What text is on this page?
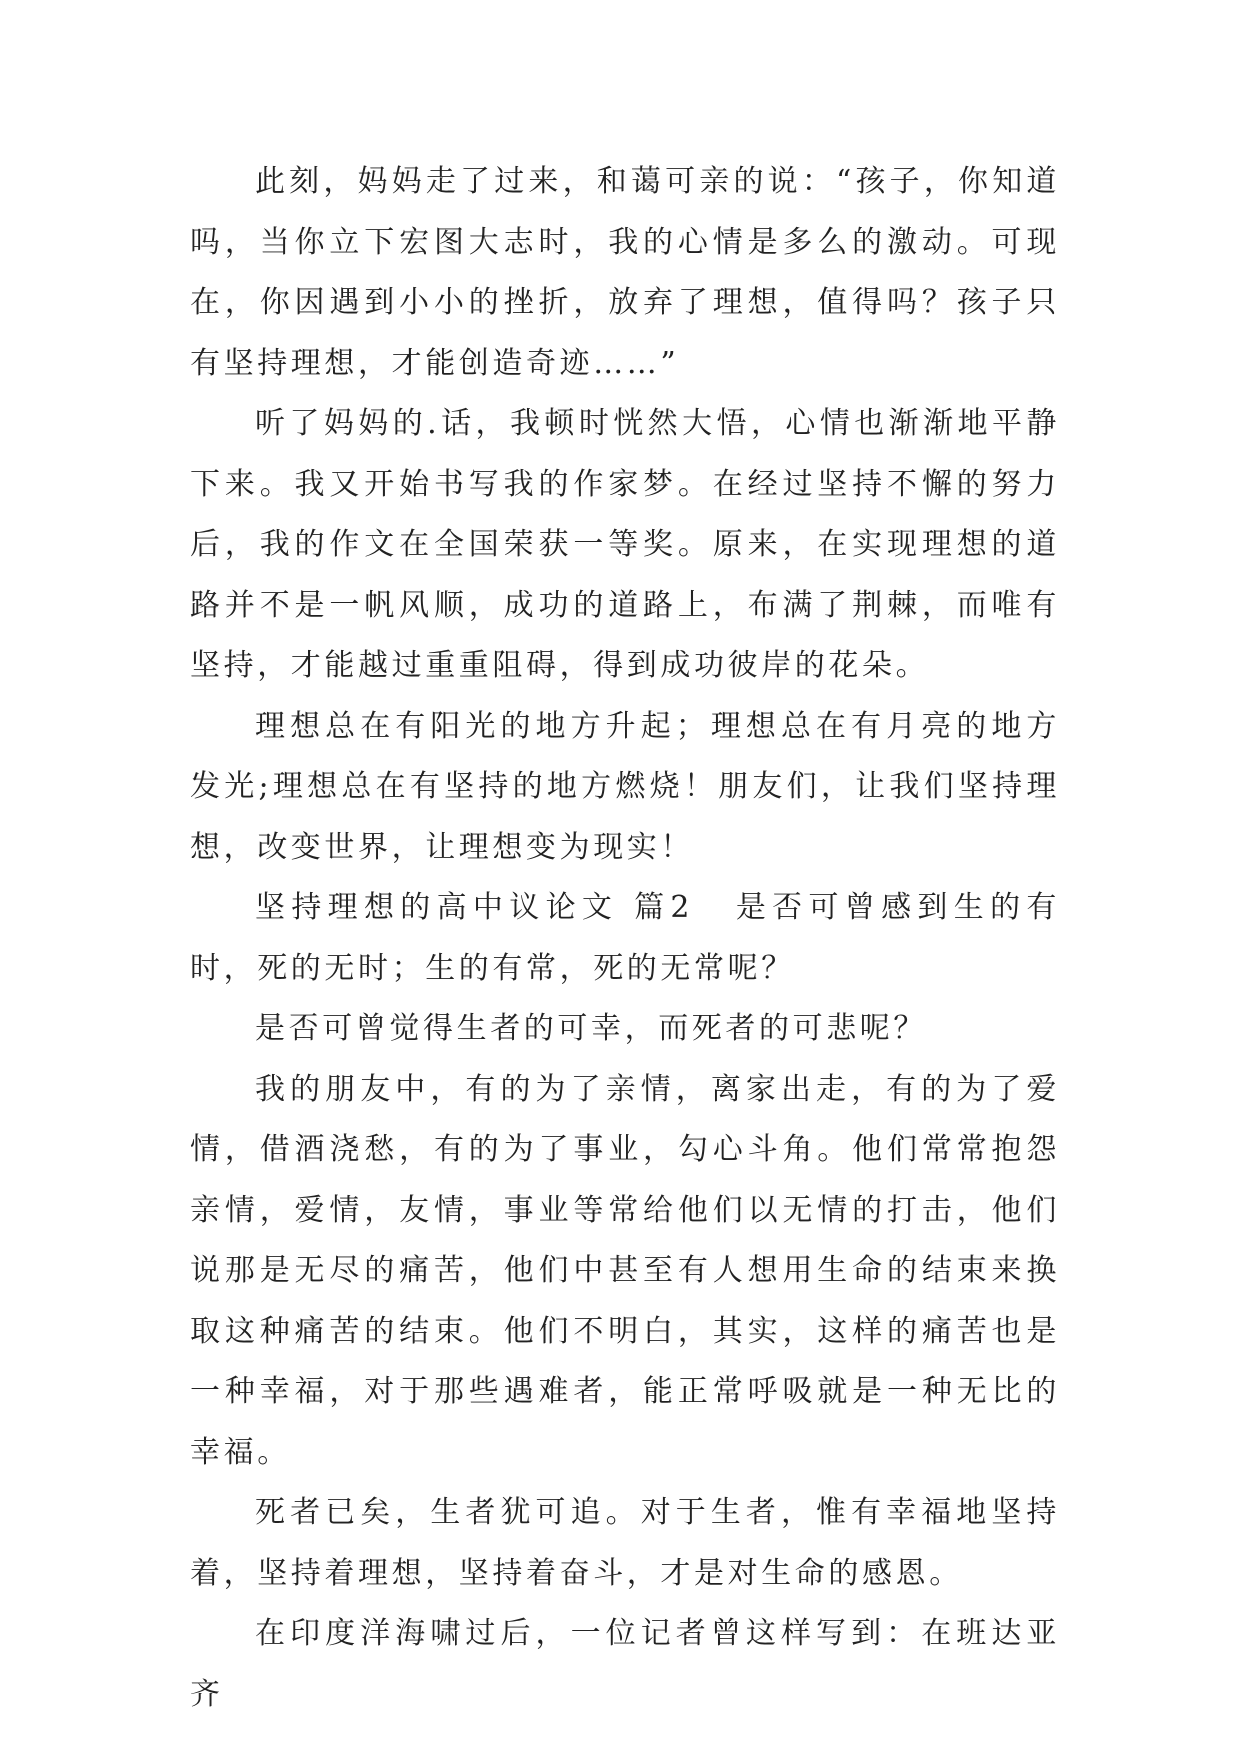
此刻，妈妈走了过来，和蔼可亲的说：“孩子，你知道吗，当你立下宏图大志时，我的心情是多么的激动。可现在，你因遇到小小的挫折，放弃了理想，值得吗？孩子只有坚持理想，才能创造奇迹……”

听了妈妈的.话，我顿时恍然大悟，心情也渐渐地平静下来。我又开始书写我的作家梦。在经过坚持不懈的努力后，我的作文在全国荣获一等奖。原来，在实现理想的道路并不是一帆风顺，成功的道路上，布满了荆棘，而唯有坚持，才能越过重重阻碍，得到成功彼岸的花朵。

理想总在有阳光的地方升起；理想总在有月亮的地方发光;理想总在有坚持的地方燃烧！朋友们，让我们坚持理想，改变世界，让理想变为现实！

坚持理想的高中议论文 篇2 是否可曾感到生的有时，死的无时；生的有常，死的无常呢？

是否可曾觉得生者的可幸，而死者的可悲呢？

我的朋友中，有的为了亲情，离家出走，有的为了爱情，借酒浇愁，有的为了事业，勾心斗角。他们常常抱怨亲情，爱情，友情，事业等常给他们以无情的打击，他们说那是无尽的痛苦，他们中甚至有人想用生命的结束来换取这种痛苦的结束。他们不明白，其实，这样的痛苦也是一种幸福，对于那些遇难者，能正常呼吸就是一种无比的幸福。

死者已矣，生者犹可追。对于生者，惟有幸福地坚持着，坚持着理想，坚持着奋斗，才是对生命的感恩。

在印度洋海啸过后，一位记者曾这样写到：在班达亚齐
